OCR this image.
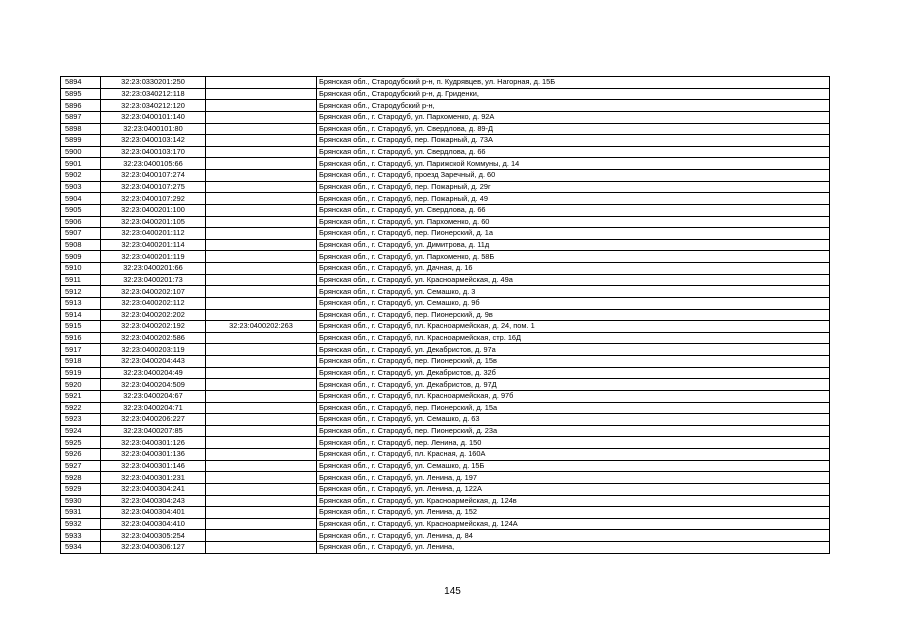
5894	32:23:0330201:250		Брянская обл., Стародубский р-н, п. Кудрявцев, ул. Нагорная, д. 15Б
5895	32:23:0340212:118		Брянская обл., Стародубский р-н, д. Гриденки,
5896	32:23:0340212:120		Брянская обл., Стародубский р-н,
5897	32:23:0400101:140		Брянская обл., г. Стародуб, ул. Пархоменко, д. 92А
5898	32:23:0400101:80		Брянская обл., г. Стародуб, ул. Свердлова, д. 89-Д
5899	32:23:0400103:142		Брянская обл., г. Стародуб, пер. Пожарный, д. 73А
5900	32:23:0400103:170		Брянская обл., г. Стародуб, ул. Свердлова, д. 66
5901	32:23:0400105:66		Брянская обл., г. Стародуб, ул. Парижской Коммуны, д. 14
5902	32:23:0400107:274		Брянская обл., г. Стародуб, проезд Заречный, д. 60
5903	32:23:0400107:275		Брянская обл., г. Стародуб, пер. Пожарный, д. 29г
5904	32:23:0400107:292		Брянская обл., г. Стародуб, пер. Пожарный, д. 49
5905	32:23:0400201:100		Брянская обл., г. Стародуб, ул. Свердлова, д. 66
5906	32:23:0400201:105		Брянская обл., г. Стародуб, ул. Пархоменко, д. 60
5907	32:23:0400201:112		Брянская обл., г. Стародуб, пер. Пионерский, д. 1а
5908	32:23:0400201:114		Брянская обл., г. Стародуб, ул. Димитрова, д. 11д
5909	32:23:0400201:119		Брянская обл., г. Стародуб, ул. Пархоменко, д. 58Б
5910	32:23:0400201:66		Брянская обл., г. Стародуб, ул. Дачная, д. 16
5911	32:23:0400201:73		Брянская обл., г. Стародуб, ул. Красноармейская, д. 49а
5912	32:23:0400202:107		Брянская обл., г. Стародуб, ул. Семашко, д. 3
5913	32:23:0400202:112		Брянская обл., г. Стародуб, ул. Семашко, д. 9б
5914	32:23:0400202:202		Брянская обл., г. Стародуб, пер. Пионерский, д. 9в
5915	32:23:0400202:192	32:23:0400202:263	Брянская обл., г. Стародуб, пл. Красноармейская, д. 24, пом. 1
5916	32:23:0400202:586		Брянская обл., г. Стародуб, пл. Красноармейская, стр. 16Д
5917	32:23:0400203:119		Брянская обл., г. Стародуб, ул. Декабристов, д. 97а
5918	32:23:0400204:443		Брянская обл., г. Стародуб, пер. Пионерский, д. 15в
5919	32:23:0400204:49		Брянская обл., г. Стародуб, ул. Декабристов, д. 32б
5920	32:23:0400204:509		Брянская обл., г. Стародуб, ул. Декабристов, д. 97Д
5921	32:23:0400204:67		Брянская обл., г. Стародуб, пл. Красноармейская, д. 97б
5922	32:23:0400204:71		Брянская обл., г. Стародуб, пер. Пионерский, д. 15а
5923	32:23:0400206:227		Брянская обл., г. Стародуб, ул. Семашко, д. 63
5924	32:23:0400207:85		Брянская обл., г. Стародуб, пер. Пионерский, д. 23а
5925	32:23:0400301:126		Брянская обл., г. Стародуб, пер. Ленина, д. 150
5926	32:23:0400301:136		Брянская обл., г. Стародуб, пл. Красная, д. 160А
5927	32:23:0400301:146		Брянская обл., г. Стародуб, ул. Семашко, д. 15Б
5928	32:23:0400301:231		Брянская обл., г. Стародуб, ул. Ленина, д. 197
5929	32:23:0400304:241		Брянская обл., г. Стародуб, ул. Ленина, д. 122А
5930	32:23:0400304:243		Брянская обл., г. Стародуб, ул. Красноармейская, д. 124в
5931	32:23:0400304:401		Брянская обл., г. Стародуб, ул. Ленина, д. 152
5932	32:23:0400304:410		Брянская обл., г. Стародуб, ул. Красноармейская, д. 124А
5933	32:23:0400305:254		Брянская обл., г. Стародуб, ул. Ленина, д. 84
5934	32:23:0400306:127		Брянская обл., г. Стародуб, ул. Ленина,
145
